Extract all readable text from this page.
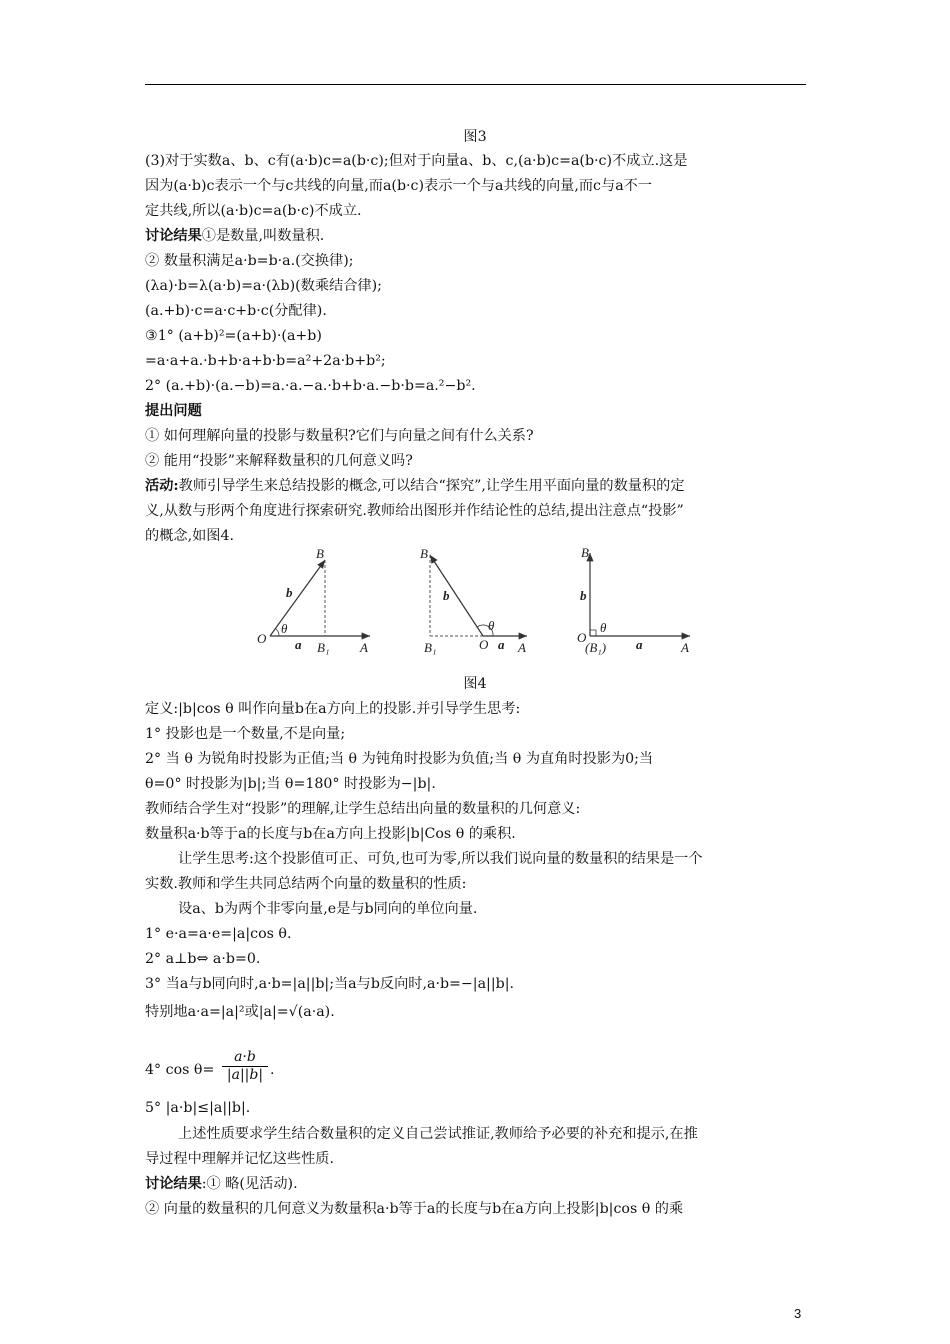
图3
(3)对于实数a、b、c有(a·b)c=a(b·c);但对于向量a、b、c,(a·b)c=a(b·c)不成立.这是
因为(a·b)c表示一个与c共线的向量,而a(b·c)表示一个与a共线的向量,而c与a不一
定共线,所以(a·b)c=a(b·c)不成立.
讨论结果①是数量,叫数量积.
② 数量积满足a·b=b·a.(交换律);
(λa)·b=λ(a·b)=a·(λb)(数乘结合律);
(a.+b)·c=a·c+b·c(分配律).
③1° (a+b)²=(a+b)·(a+b)
=a·a+a.·b+b·a+b·b=a²+2a·b+b²;
2° (a.+b)·(a.−b)=a.·a.−a.·b+b·a.−b·b=a.²−b².
提出问题
① 如何理解向量的投影与数量积?它们与向量之间有什么关系?
② 能用“投影”来解释数量积的几何意义吗?
活动:教师引导学生来总结投影的概念,可以结合“探究”,让学生用平面向量的数量积的定
义,从数与形两个角度进行探索研究.教师给出图形并作结论性的总结,提出注意点“投影”
的概念,如图4.
B
b
O
θ
a B₁ A
B
b
O
θ
a
B₁	A
B
b
O
(B₁)
θ
a	A
图4
定义:|b|cos θ 叫作向量b在a方向上的投影.并引导学生思考:
1° 投影也是一个数量,不是向量;
2° 当 θ 为锐角时投影为正值;当 θ 为钝角时投影为负值;当 θ 为直角时投影为0;当
θ=0° 时投影为|b|;当 θ=180° 时投影为−|b|.
教师结合学生对“投影”的理解,让学生总结出向量的数量积的几何意义:
数量积a·b等于a的长度与b在a方向上投影|b|Cos θ 的乘积.
让学生思考:这个投影值可正、可负,也可为零,所以我们说向量的数量积的结果是一个
实数.教师和学生共同总结两个向量的数量积的性质:
设a、b为两个非零向量,e是与b同向的单位向量.
1° e·a=a·e=|a|cos θ.
2° a⊥b⇔ a·b=0.
3° 当a与b同向时,a·b=|a||b|;当a与b反向时,a·b=−|a||b|.
特别地a·a=|a|²或|a|=√(a·a).
4° $\cos \theta= \frac{a\cdot b}{|a||b|}$ .
5° |a·b|≤|a||b|.
上述性质要求学生结合数量积的定义自己尝试推证,教师给予必要的补充和提示,在推
导过程中理解并记忆这些性质.
讨论结果:① 略(见活动).
② 向量的数量积的几何意义为数量积a·b等于a的长度与b在a方向上投影|b|cos θ 的乘
3
